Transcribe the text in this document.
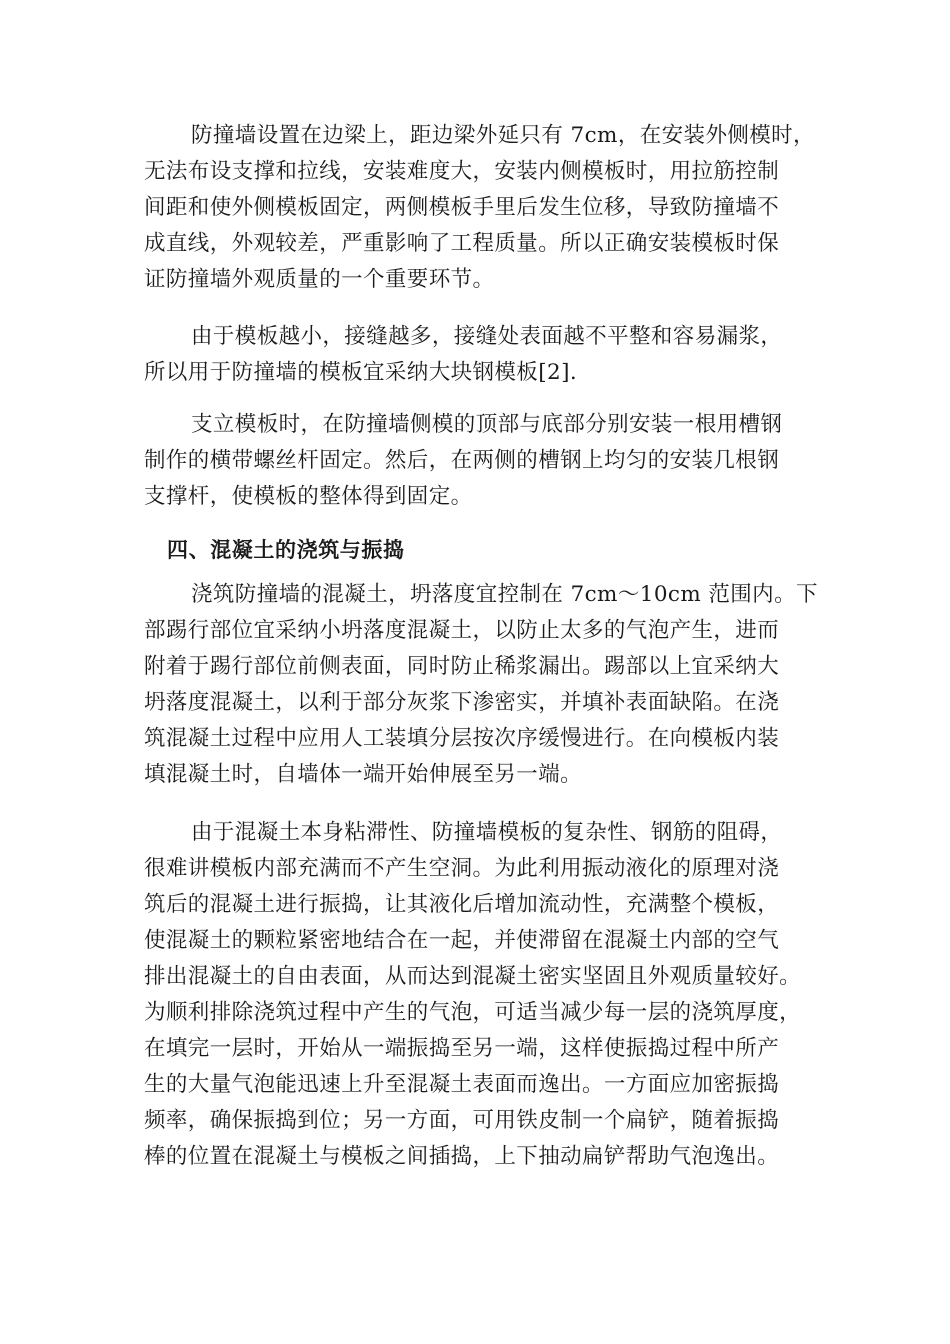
防撞墙设置在边梁上，距边梁外延只有 7cm，在安装外侧模时，
无法布设支撑和拉线，安装难度大，安装内侧模板时，用拉筋控制
间距和使外侧模板固定，两侧模板手里后发生位移，导致防撞墙不
成直线，外观较差，严重影响了工程质量。所以正确安装模板时保
证防撞墙外观质量的一个重要环节。
由于模板越小，接缝越多，接缝处表面越不平整和容易漏浆，
所以用于防撞墙的模板宜采纳大块钢模板[2].
支立模板时，在防撞墙侧模的顶部与底部分别安装一根用槽钢
制作的横带螺丝杆固定。然后，在两侧的槽钢上均匀的安装几根钢
支撑杆，使模板的整体得到固定。
四、混凝土的浇筑与振捣
浇筑防撞墙的混凝土，坍落度宜控制在 7cm～10cm 范围内。下
部踢行部位宜采纳小坍落度混凝土，以防止太多的气泡产生，进而
附着于踢行部位前侧表面，同时防止稀浆漏出。踢部以上宜采纳大
坍落度混凝土，以利于部分灰浆下渗密实，并填补表面缺陷。在浇
筑混凝土过程中应用人工装填分层按次序缓慢进行。在向模板内装
填混凝土时，自墙体一端开始伸展至另一端。
由于混凝土本身粘滞性、防撞墙模板的复杂性、钢筋的阻碍，
很难讲模板内部充满而不产生空洞。为此利用振动液化的原理对浇
筑后的混凝土进行振捣，让其液化后增加流动性，充满整个模板，
使混凝土的颗粒紧密地结合在一起，并使滞留在混凝土内部的空气
排出混凝土的自由表面，从而达到混凝土密实坚固且外观质量较好。
为顺利排除浇筑过程中产生的气泡，可适当减少每一层的浇筑厚度，
在填完一层时，开始从一端振捣至另一端，这样使振捣过程中所产
生的大量气泡能迅速上升至混凝土表面而逸出。一方面应加密振捣
频率，确保振捣到位；另一方面，可用铁皮制一个扁铲，随着振捣
棒的位置在混凝土与模板之间插捣，上下抽动扁铲帮助气泡逸出。
